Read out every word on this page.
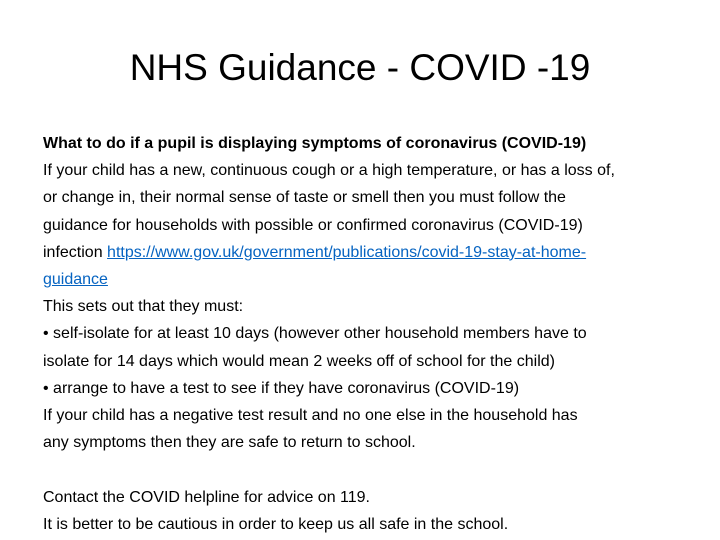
NHS Guidance - COVID -19
What to do if a pupil is displaying symptoms of coronavirus (COVID-19)
If your child has a new, continuous cough or a high temperature, or has a loss of,
or change in, their normal sense of taste or smell then you must follow the
guidance for households with possible or confirmed coronavirus (COVID-19)
infection https://www.gov.uk/government/publications/covid-19-stay-at-home-
guidance
This sets out that they must:
• self-isolate for at least 10 days (however other household members have to
isolate for 14 days which would mean 2 weeks off of school for the child)
• arrange to have a test to see if they have coronavirus (COVID-19)
If your child has a negative test result and no one else in the household has
any symptoms then they are safe to return to school.
Contact the COVID helpline for advice on 119.
It is better to be cautious in order to keep us all safe in the school.
